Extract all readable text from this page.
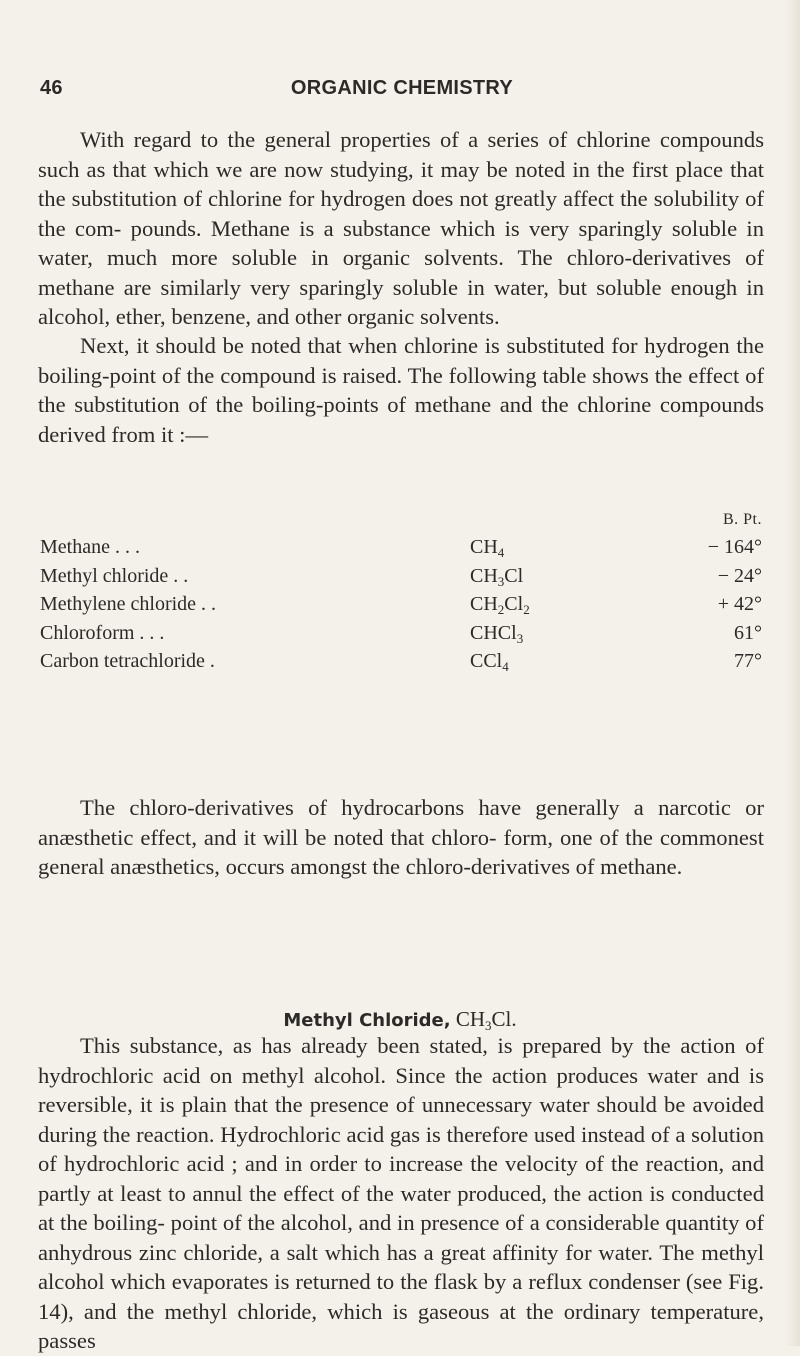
46	ORGANIC CHEMISTRY

With regard to the general properties of a series of chlorine compounds such as that which we are now studying, it may be noted in the first place that the substitution of chlorine for hydrogen does not greatly affect the solubility of the com- pounds. Methane is a substance which is very sparingly soluble in water, much more soluble in organic solvents. The chloro-derivatives of methane are similarly very sparingly soluble in water, but soluble enough in alcohol, ether, benzene, and other organic solvents.

Next, it should be noted that when chlorine is substituted for hydrogen the boiling-point of the compound is raised. The following table shows the effect of the substitution of the boiling-points of methane and the chlorine compounds derived from it :—

B. Pt.
Methane . . .	$CH_4$	− 164°
Methyl chloride . .	$CH_3Cl$	− 24°
Methylene chloride . .	$CH_2Cl_2$	+ 42°
Chloroform . . .	CHCl$_3$	61°
Carbon tetrachloride .	CCl$_4$	77°

The chloro-derivatives of hydrocarbons have generally a narcotic or anæsthetic effect, and it will be noted that chloro- form, one of the commonest general anæsthetics, occurs amongst the chloro-derivatives of methane.

Methyl Chloride, $CH_3Cl$.

This substance, as has already been stated, is prepared by the action of hydrochloric acid on methyl alcohol. Since the action produces water and is reversible, it is plain that the presence of unnecessary water should be avoided during the reaction. Hydrochloric acid gas is therefore used instead of a solution of hydrochloric acid ; and in order to increase the velocity of the reaction, and partly at least to annul the effect of the water produced, the action is conducted at the boiling- point of the alcohol, and in presence of a considerable quantity of anhydrous zinc chloride, a salt which has a great affinity for water. The methyl alcohol which evaporates is returned to the flask by a reflux condenser (see Fig. 14), and the methyl chloride, which is gaseous at the ordinary temperature, passes
